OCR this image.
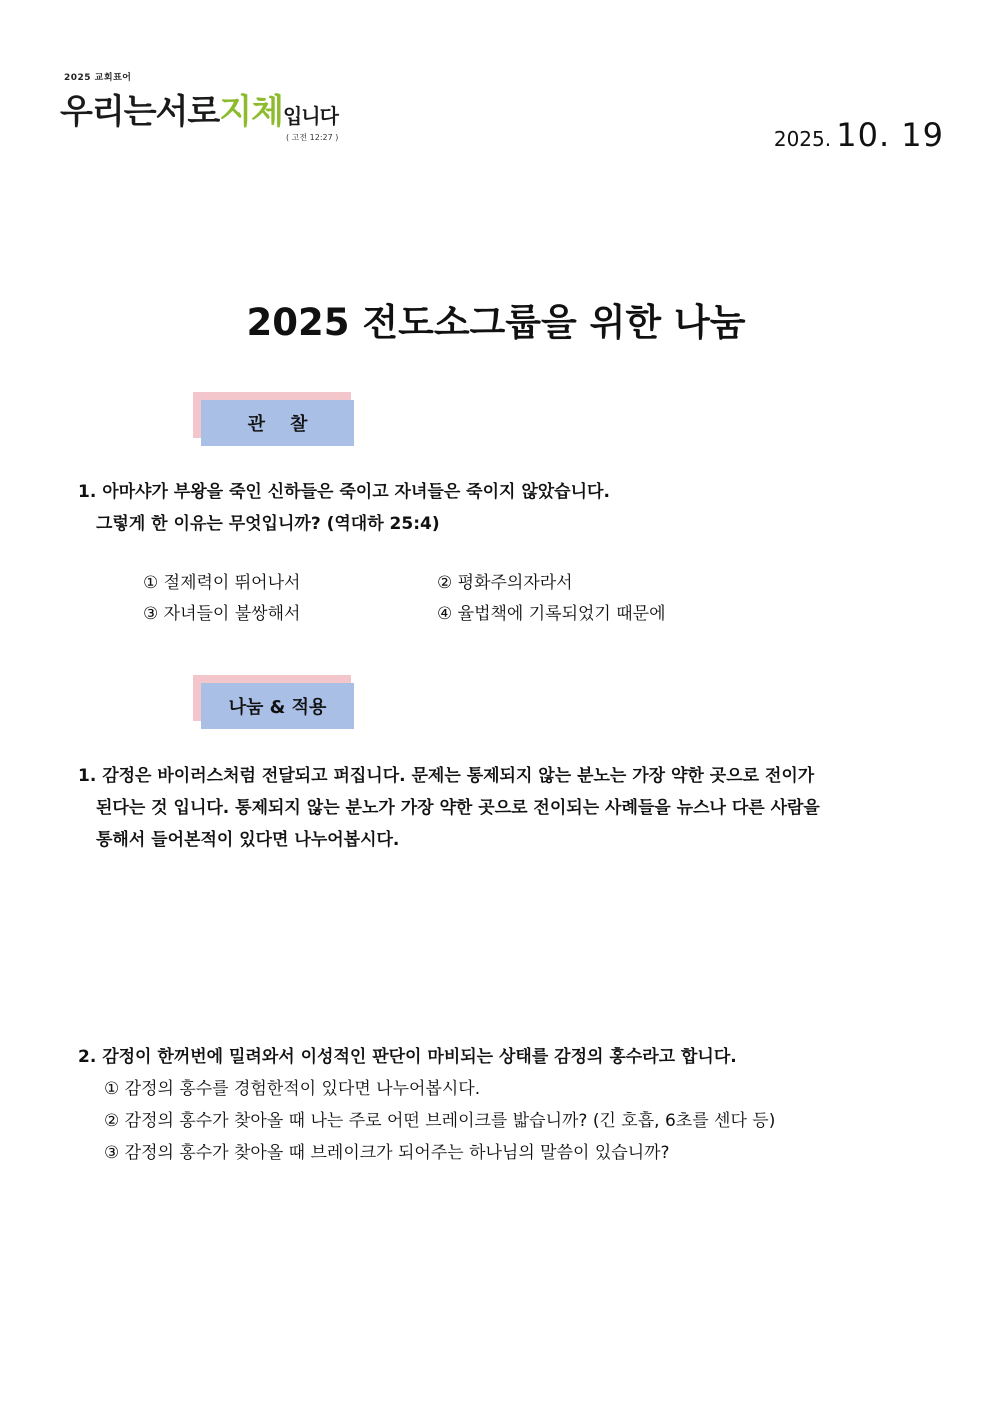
2025 교회표어
우리는서로지체입니다
( 고전 12:27 )	2025. 10. 19
2025 전도소그룹을 위한 나눔
관    찰
1. 아마샤가 부왕을 죽인 신하들은 죽이고 자녀들은 죽이지 않았습니다.
그렇게 한 이유는 무엇입니까? (역대하 25:4)
① 절제력이 뛰어나서	② 평화주의자라서
③ 자녀들이 불쌍해서	④ 율법책에 기록되었기 때문에
나눔 & 적용
1. 감정은 바이러스처럼 전달되고 퍼집니다. 문제는 통제되지 않는 분노는 가장 약한 곳으로 전이가
된다는 것 입니다. 통제되지 않는 분노가 가장 약한 곳으로 전이되는 사례들을 뉴스나 다른 사람을
통해서 들어본적이 있다면 나누어봅시다.
2. 감정이 한꺼번에 밀려와서 이성적인 판단이 마비되는 상태를 감정의 홍수라고 합니다.
① 감정의 홍수를 경험한적이 있다면 나누어봅시다.
② 감정의 홍수가 찾아올 때 나는 주로 어떤 브레이크를 밟습니까? (긴 호흡, 6초를 센다 등)
③ 감정의 홍수가 찾아올 때 브레이크가 되어주는 하나님의 말씀이 있습니까?
